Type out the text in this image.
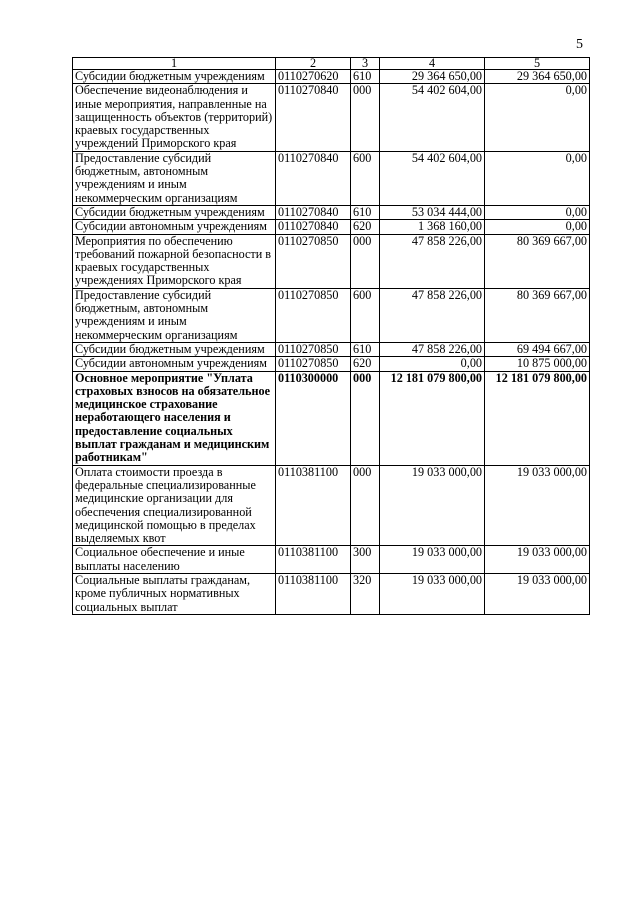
5
1	2	3	4	5
Субсидии бюджетным учреждениям	0110270620	610	29 364 650,00	29 364 650,00
Обеспечение видеонаблюдения и иные мероприятия, направленные на защищенность объектов (территорий) краевых государственных учреждений Приморского края	0110270840	000	54 402 604,00	0,00
Предоставление субсидий бюджетным, автономным учреждениям и иным некоммерческим организациям	0110270840	600	54 402 604,00	0,00
Субсидии бюджетным учреждениям	0110270840	610	53 034 444,00	0,00
Субсидии автономным учреждениям	0110270840	620	1 368 160,00	0,00
Мероприятия по обеспечению требований пожарной безопасности в краевых государственных учреждениях Приморского края	0110270850	000	47 858 226,00	80 369 667,00
Предоставление субсидий бюджетным, автономным учреждениям и иным некоммерческим организациям	0110270850	600	47 858 226,00	80 369 667,00
Субсидии бюджетным учреждениям	0110270850	610	47 858 226,00	69 494 667,00
Субсидии автономным учреждениям	0110270850	620	0,00	10 875 000,00
Основное мероприятие "Уплата страховых взносов на обязательное медицинское страхование неработающего населения и предоставление социальных выплат гражданам и медицинским работникам"	0110300000	000	12 181 079 800,00	12 181 079 800,00
Оплата стоимости проезда в федеральные специализированные медицинские организации для обеспечения специализированной медицинской помощью в пределах выделяемых квот	0110381100	000	19 033 000,00	19 033 000,00
Социальное обеспечение и иные выплаты населению	0110381100	300	19 033 000,00	19 033 000,00
Социальные выплаты гражданам, кроме публичных нормативных социальных выплат	0110381100	320	19 033 000,00	19 033 000,00
